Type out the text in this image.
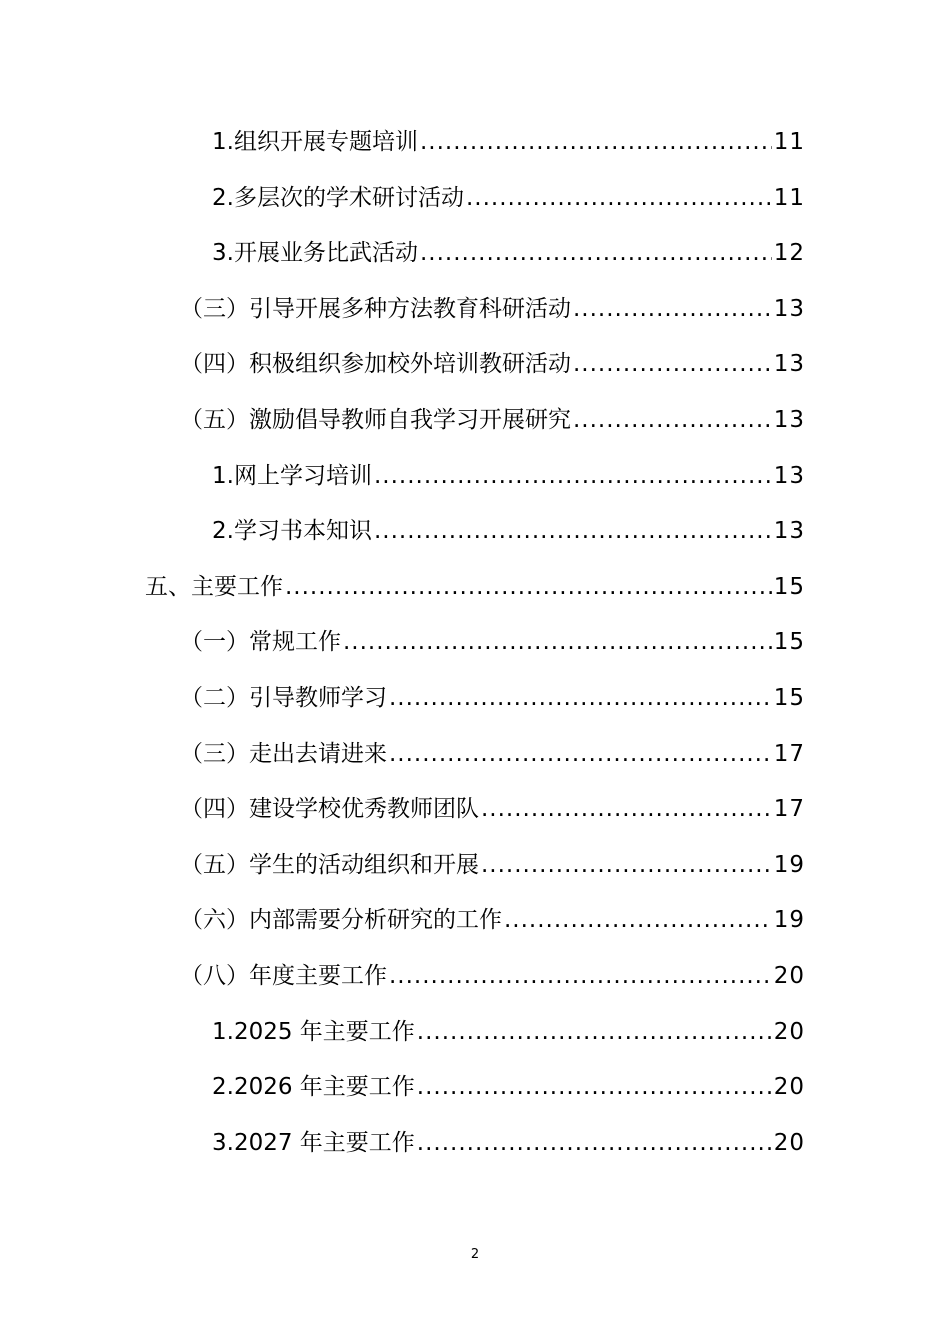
1.组织开展专题培训 .....	11
2.多层次的学术研讨活动 .....	11
3.开展业务比武活动 .....	12
（三）引导开展多种方法教育科研活动 .....	13
（四）积极组织参加校外培训教研活动 .....	13
（五）激励倡导教师自我学习开展研究 .....	13
1.网上学习培训 .....	13
2.学习书本知识 .....	13
五、主要工作 .....	15
（一）常规工作 .....	15
（二）引导教师学习 .....	15
（三）走出去请进来 .....	17
（四）建设学校优秀教师团队 .....	17
（五）学生的活动组织和开展 .....	19
（六）内部需要分析研究的工作 .....	19
（八）年度主要工作 .....	20
1.2025 年主要工作 .....	20
2.2026 年主要工作 .....	20
3.2027 年主要工作 .....	20
2
